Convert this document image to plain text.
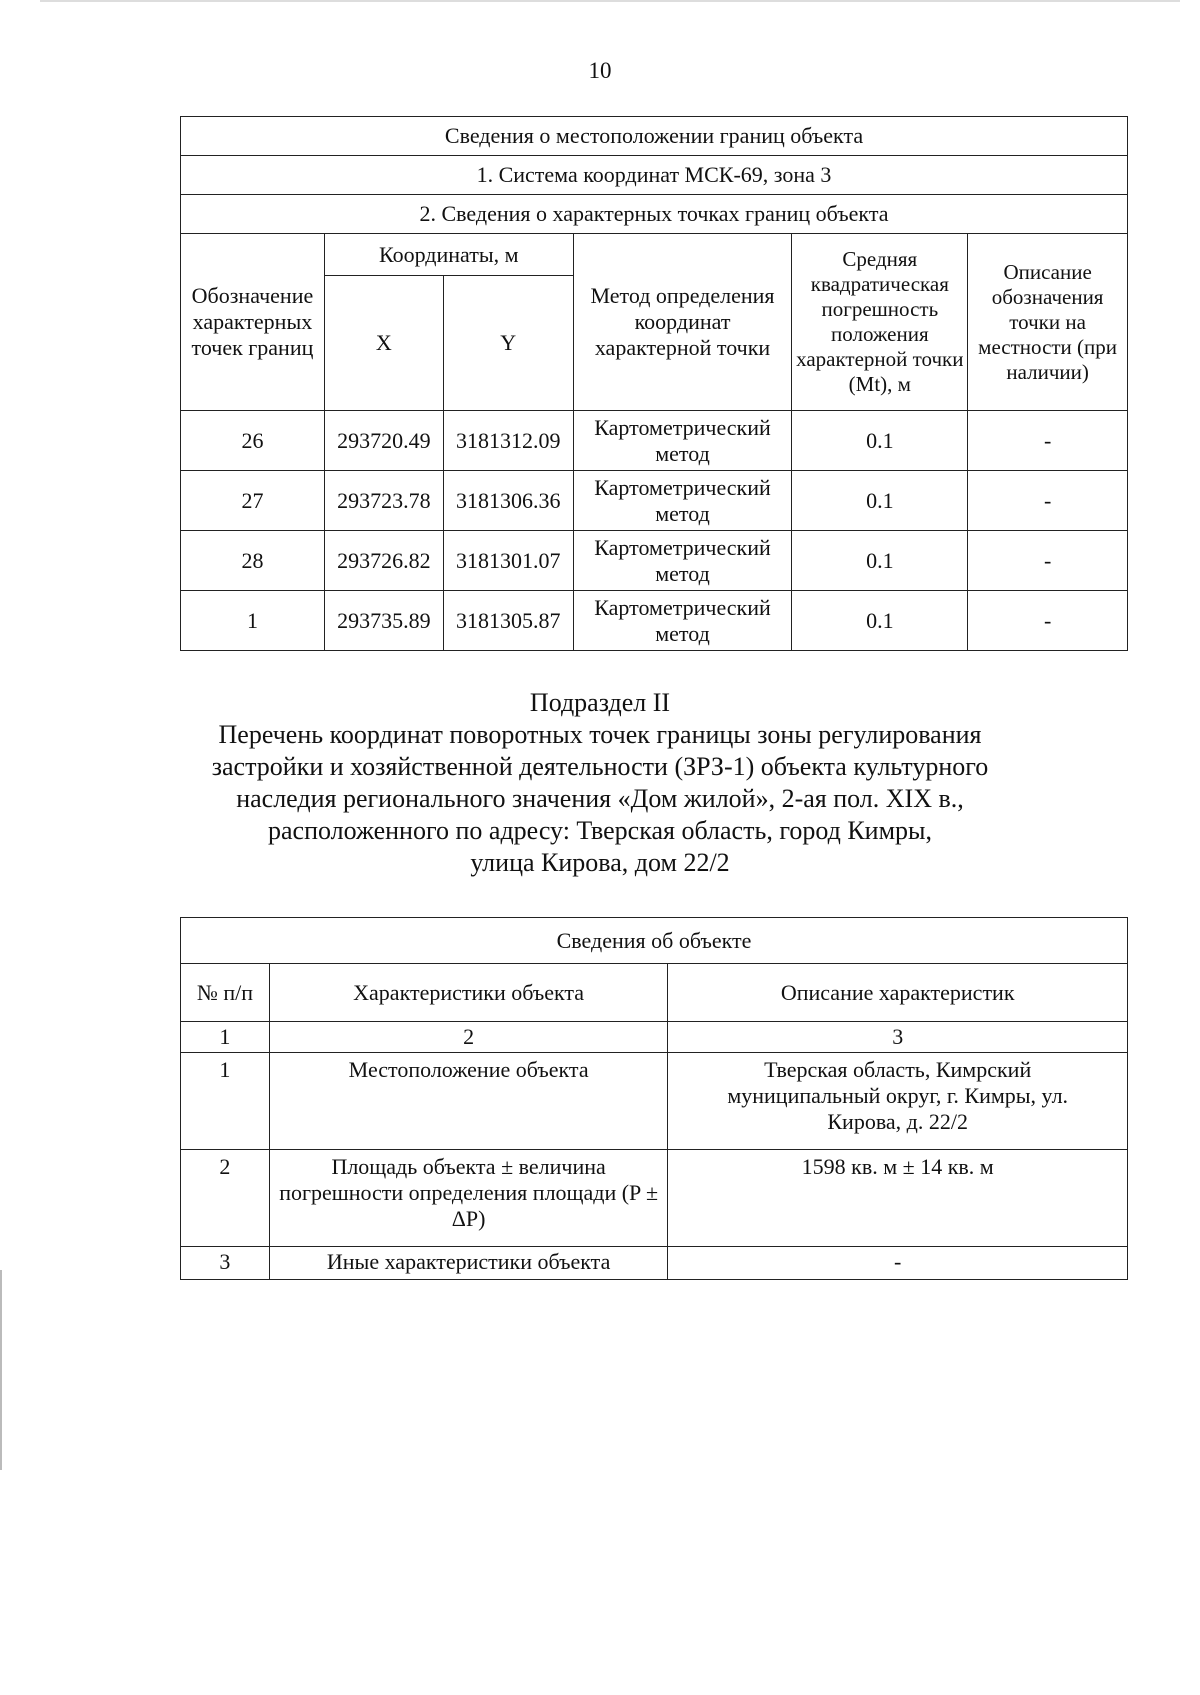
10
Сведения о местоположении границ объекта					
1. Система координат МСК-69, зона 3					
2. Сведения о характерных точках границ объекта					
Обозначение характерных точек границ	Координаты, м		Метод определения координат характерной точки	Средняя квадратическая погрешность положения характерной точки (Mt), м	Описание обозначения точки на местности (при наличии)
	X	Y			
26	293720.49	3181312.09	Картометрический метод	0.1	-
27	293723.78	3181306.36	Картометрический метод	0.1	-
28	293726.82	3181301.07	Картометрический метод	0.1	-
1	293735.89	3181305.87	Картометрический метод	0.1	-
Подраздел II
Перечень координат поворотных точек границы зоны регулирования
застройки и хозяйственной деятельности (ЗРЗ-1) объекта культурного
наследия регионального значения «Дом жилой», 2-ая пол. XIX в.,
расположенного по адресу: Тверская область, город Кимры,
улица Кирова, дом 22/2
Сведения об объекте		
№ п/п	Характеристики объекта	Описание характеристик
1	2	3
1	Местоположение объекта	Тверская область, Кимрский муниципальный округ, г. Кимры, ул. Кирова, д. 22/2
2	Площадь объекта ± величина погрешности определения площади (P ± ΔP)	1598 кв. м ± 14 кв. м
3	Иные характеристики объекта	-
